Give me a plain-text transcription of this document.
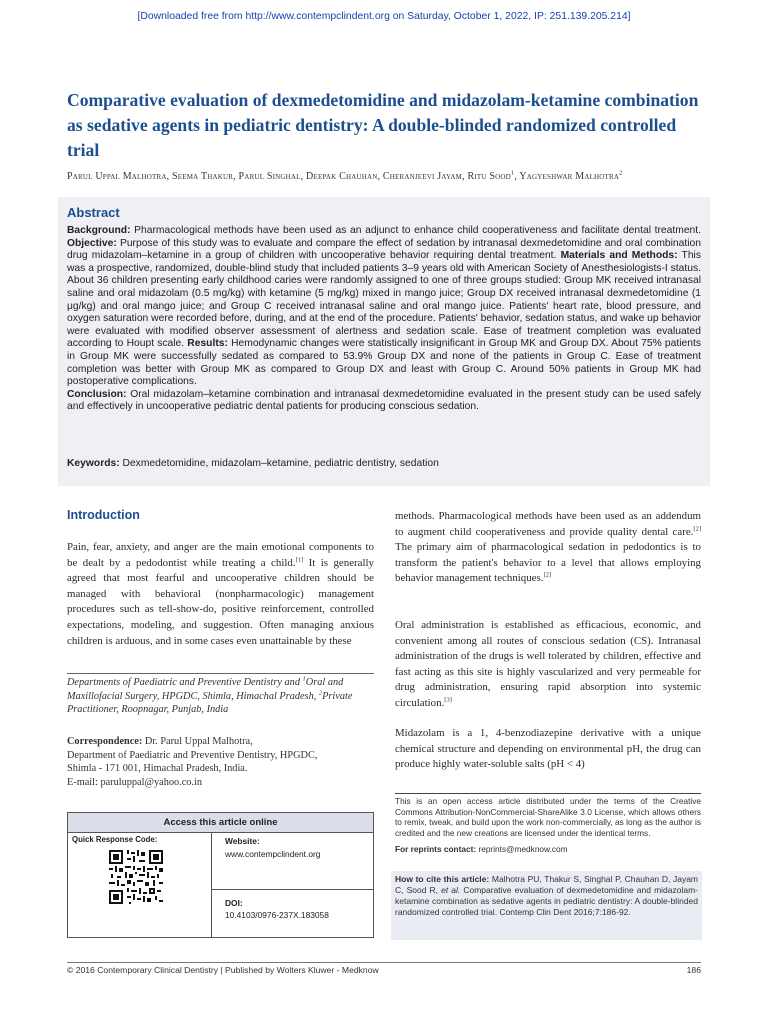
[Downloaded free from http://www.contempclindent.org on Saturday, October 1, 2022, IP: 251.139.205.214]
Comparative evaluation of dexmedetomidine and midazolam-ketamine combination as sedative agents in pediatric dentistry: A double-blinded randomized controlled trial
Parul Uppal Malhotra, Seema Thakur, Parul Singhal, Deepak Chauhan, Cheranjeevi Jayam, Ritu Sood$^1$, Yagyeshwar Malhotra$^2$
Abstract

Background: Pharmacological methods have been used as an adjunct to enhance child cooperativeness and facilitate dental treatment. Objective: Purpose of this study was to evaluate and compare the effect of sedation by intranasal dexmedetomidine and oral combination drug midazolam–ketamine in a group of children with uncooperative behavior requiring dental treatment. Materials and Methods: This was a prospective, randomized, double-blind study that included patients 3–9 years old with American Society of Anesthesiologists-I status. About 36 children presenting early childhood caries were randomly assigned to one of three groups studied: Group MK received intranasal saline and oral midazolam (0.5 mg/kg) with ketamine (5 mg/kg) mixed in mango juice; Group DX received intranasal dexmedetomidine (1 μg/kg) and oral mango juice; and Group C received intranasal saline and oral mango juice. Patients' heart rate, blood pressure, and oxygen saturation were recorded before, during, and at the end of the procedure. Patients' behavior, sedation status, and wake up behavior were evaluated with modified observer assessment of alertness and sedation scale. Ease of treatment completion was evaluated according to Houpt scale. Results: Hemodynamic changes were statistically insignificant in Group MK and Group DX. About 75% patients in Group MK were successfully sedated as compared to 53.9% Group DX and none of the patients in Group C. Ease of treatment completion was better with Group MK as compared to Group DX and least with Group C. Around 50% patients in Group MK had postoperative complications.
Conclusion: Oral midazolam–ketamine combination and intranasal dexmedetomidine evaluated in the present study can be used safely and effectively in uncooperative pediatric dental patients for producing conscious sedation.

Keywords: Dexmedetomidine, midazolam–ketamine, pediatric dentistry, sedation
Introduction

Pain, fear, anxiety, and anger are the main emotional components to be dealt by a pedodontist while treating a child.[1] It is generally agreed that most fearful and uncooperative children should be managed with behavioral (nonpharmacologic) management procedures such as tell-show-do, positive reinforcement, controlled expectations, modeling, and suggestion. Often managing anxious children is arduous, and in some cases even unattainable by these

methods. Pharmacological methods have been used as an addendum to augment child cooperativeness and provide quality dental care.[2] The primary aim of pharmacological sedation in pedodontics is to transform the patient's behavior to a level that allows employing behavior management techniques.[2]

Oral administration is established as efficacious, economic, and convenient among all routes of conscious sedation (CS). Intranasal administration of the drugs is well tolerated by children, effective and fast acting as this site is highly vascularized and very permeable for drug administration, ensuring rapid absorption into systemic circulation.[3]

Midazolam is a 1, 4-benzodiazepine derivative with a unique chemical structure and depending on environmental pH, the drug can produce highly water-soluble salts (pH < 4)

Departments of Paediatric and Preventive Dentistry and $^1$Oral and Maxillofacial Surgery, HPGDC, Shimla, Himachal Pradesh, $^2$Private Practitioner, Roopnagar, Punjab, India
Correspondence: Dr. Parul Uppal Malhotra,
Department of Paediatric and Preventive Dentistry, HPGDC,
Shimla - 171 001, Himachal Pradesh, India.
E-mail: paruluppal@yahoo.co.in
Access this article online
Quick Response Code:	Website:
www.contempclindent.org
DOI:
10.4103/0976-237X.183058

This is an open access article distributed under the terms of the Creative Commons Attribution-NonCommercial-ShareAlike 3.0 License, which allows others to remix, tweak, and build upon the work non-commercially, as long as the author is credited and the new creations are licensed under the identical terms.

For reprints contact: reprints@medknow.com
How to cite this article: Malhotra PU, Thakur S, Singhal P, Chauhan D, Jayam C, Sood R, et al. Comparative evaluation of dexmedetomidine and midazolam-ketamine combination as sedative agents in pediatric dentistry: A double-blinded randomized controlled trial. Contemp Clin Dent 2016;7:186-92.
© 2016 Contemporary Clinical Dentistry | Published by Wolters Kluwer - Medknow	186
